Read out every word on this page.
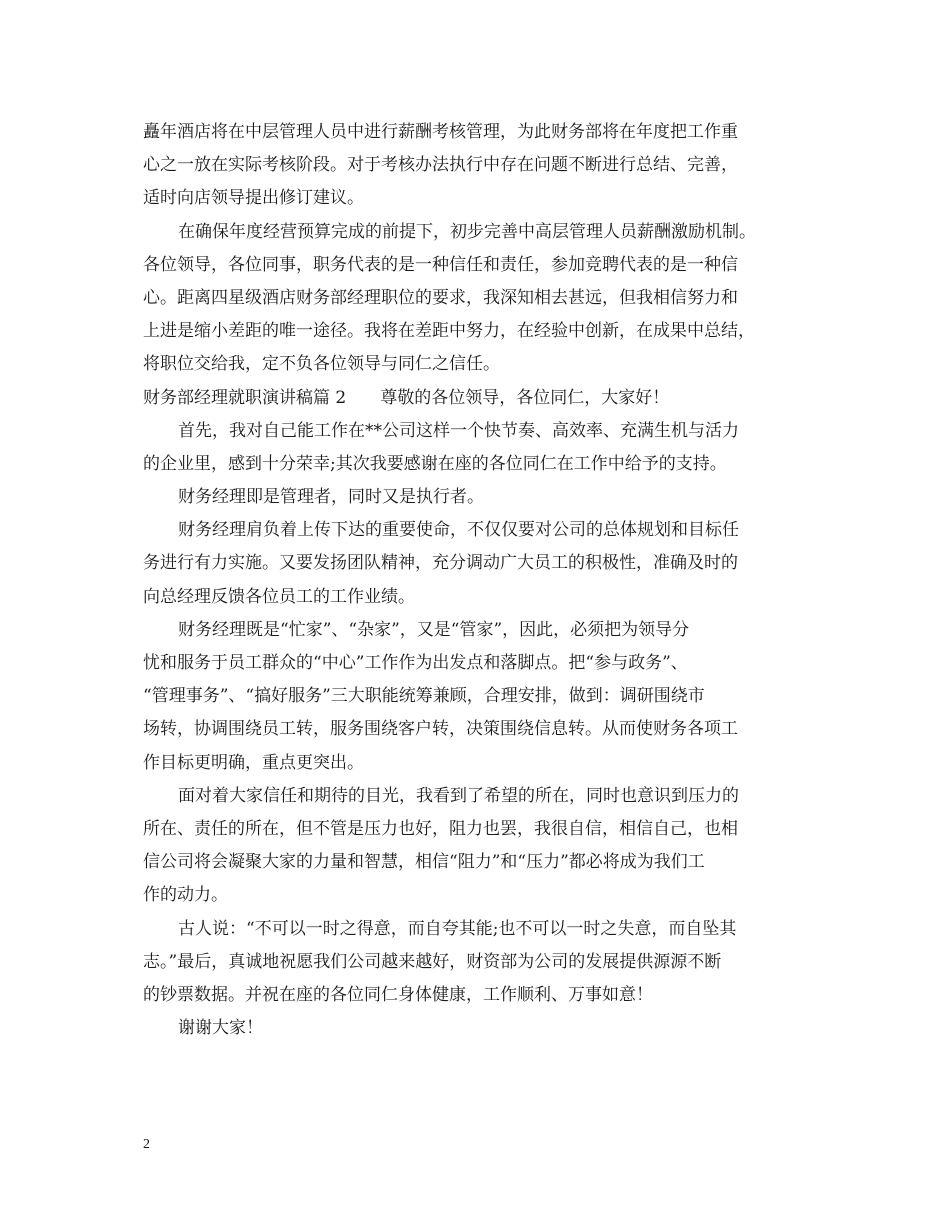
矗年酒店将在中层管理人员中进行薪酬考核管理，为此财务部将在年度把工作重
心之一放在实际考核阶段。对于考核办法执行中存在问题不断进行总结、完善，
适时向店领导提出修订建议。
在确保年度经营预算完成的前提下，初步完善中高层管理人员薪酬激励机制。
各位领导，各位同事，职务代表的是一种信任和责任，参加竞聘代表的是一种信
心。距离四星级酒店财务部经理职位的要求，我深知相去甚远，但我相信努力和
上进是缩小差距的唯一途径。我将在差距中努力，在经验中创新，在成果中总结，
将职位交给我，定不负各位领导与同仁之信任。
财务部经理就职演讲稿篇 2　　尊敬的各位领导，各位同仁，大家好！
首先，我对自己能工作在**公司这样一个快节奏、高效率、充满生机与活力
的企业里，感到十分荣幸;其次我要感谢在座的各位同仁在工作中给予的支持。
财务经理即是管理者，同时又是执行者。
财务经理肩负着上传下达的重要使命，不仅仅要对公司的总体规划和目标任
务进行有力实施。又要发扬团队精神，充分调动广大员工的积极性，准确及时的
向总经理反馈各位员工的工作业绩。
财务经理既是“忙家”、“杂家”，又是“管家”，因此，必须把为领导分
忧和服务于员工群众的“中心”工作作为出发点和落脚点。把“参与政务”、
“管理事务”、“搞好服务”三大职能统筹兼顾，合理安排，做到：调研围绕市
场转，协调围绕员工转，服务围绕客户转，决策围绕信息转。从而使财务各项工
作目标更明确，重点更突出。
面对着大家信任和期待的目光，我看到了希望的所在，同时也意识到压力的
所在、责任的所在，但不管是压力也好，阻力也罢，我很自信，相信自己，也相
信公司将会凝聚大家的力量和智慧，相信“阻力”和“压力”都必将成为我们工
作的动力。
古人说：“不可以一时之得意，而自夸其能;也不可以一时之失意，而自坠其
志。”最后，真诚地祝愿我们公司越来越好，财资部为公司的发展提供源源不断
的钞票数据。并祝在座的各位同仁身体健康，工作顺利、万事如意！
谢谢大家！
2
